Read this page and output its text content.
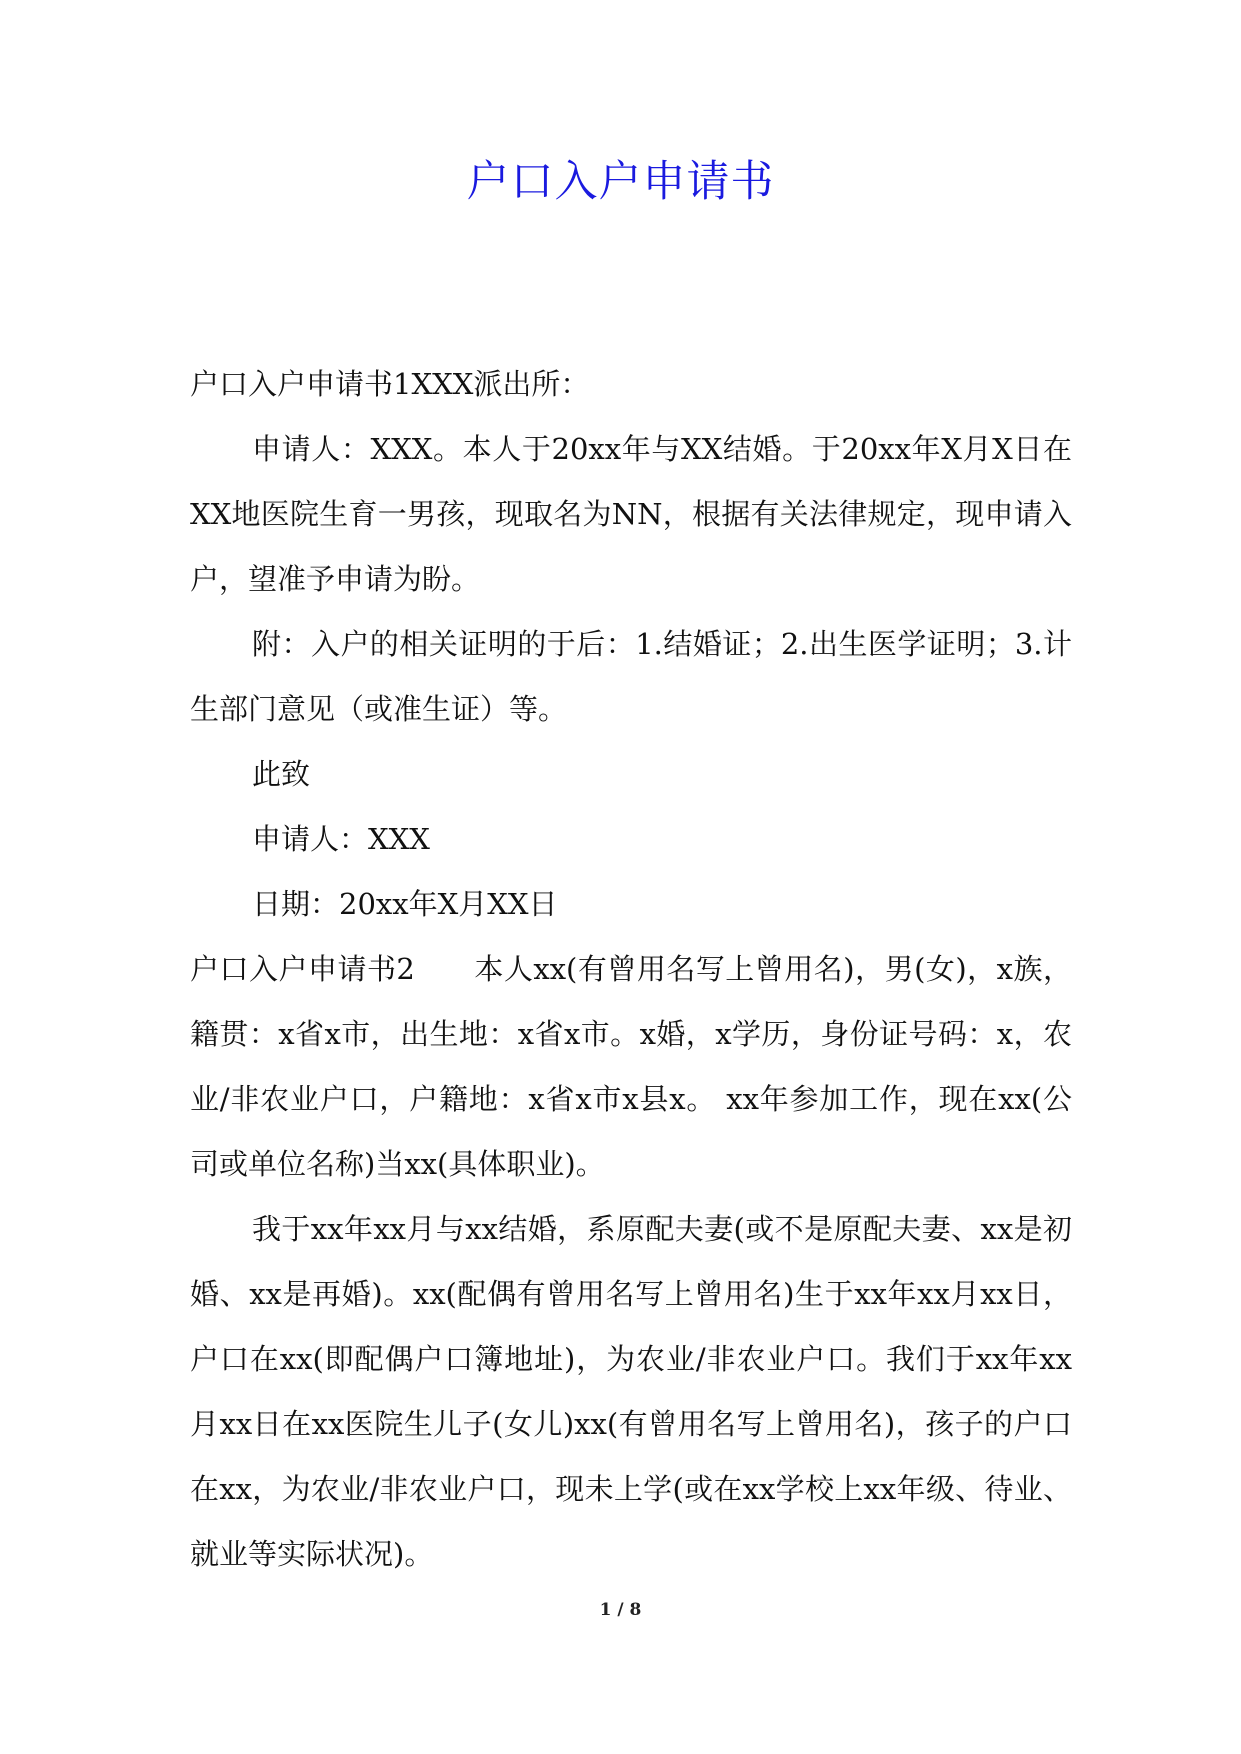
户口入户申请书

户口入户申请书1XXX派出所：

申请人：XXX。本人于20xx年与XX结婚。于20xx年X月X日在XX地医院生育一男孩，现取名为NN，根据有关法律规定，现申请入户，望准予申请为盼。

附：入户的相关证明的于后：1.结婚证；2.出生医学证明；3.计生部门意见（或准生证）等。

此致

申请人：XXX

日期：20xx年X月XX日

户口入户申请书2　　本人xx(有曾用名写上曾用名)，男(女)，x族，籍贯：x省x市，出生地：x省x市。x婚，x学历，身份证号码：x，农业/非农业户口，户籍地：x省x市x县x。 xx年参加工作，现在xx(公司或单位名称)当xx(具体职业)。

我于xx年xx月与xx结婚，系原配夫妻(或不是原配夫妻、xx是初婚、xx是再婚)。xx(配偶有曾用名写上曾用名)生于xx年xx月xx日，户口在xx(即配偶户口簿地址)，为农业/非农业户口。我们于xx年xx月xx日在xx医院生儿子(女儿)xx(有曾用名写上曾用名)，孩子的户口在xx，为农业/非农业户口，现未上学(或在xx学校上xx年级、待业、就业等实际状况)。

1 / 8
